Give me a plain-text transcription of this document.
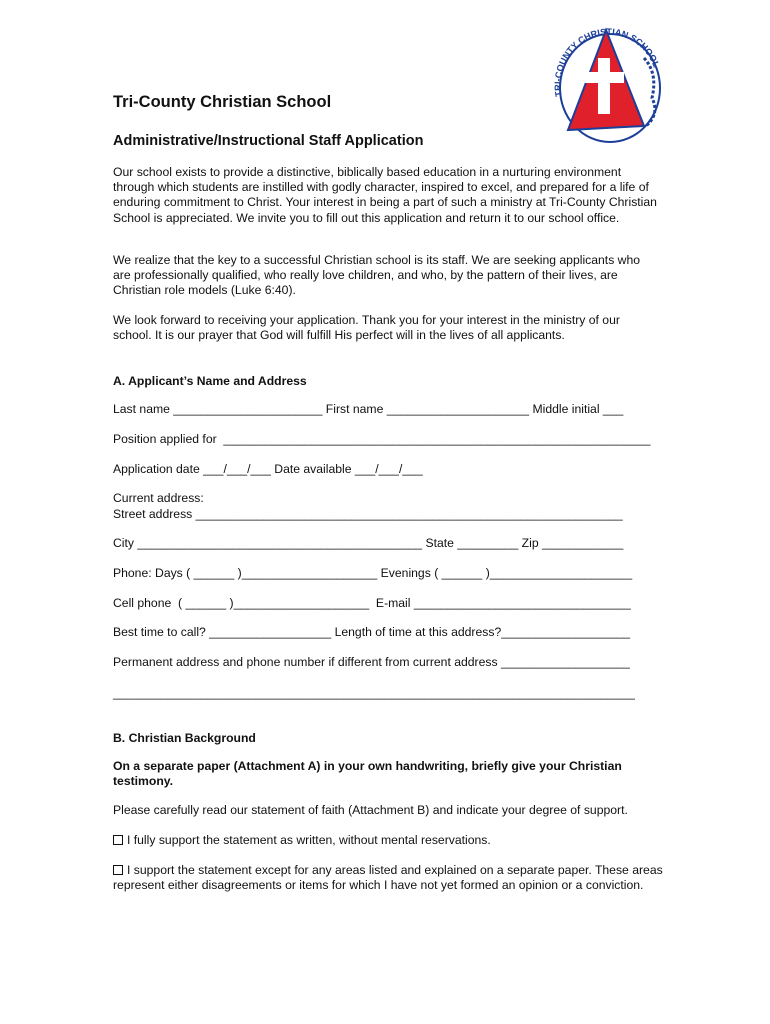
TRI-COUNTY CHRISTIAN SCHOOL
Tri-County Christian School
Administrative/Instructional Staff Application
Our school exists to provide a distinctive, biblically based education in a nurturing environment through which students are instilled with godly character, inspired to excel, and prepared for a life of enduring commitment to Christ. Your interest in being a part of such a ministry at Tri-County Christian School is appreciated. We invite you to fill out this application and return it to our school office.
We realize that the key to a successful Christian school is its staff. We are seeking applicants who are professionally qualified, who really love children, and who, by the pattern of their lives, are Christian role models (Luke 6:40).
We look forward to receiving your application. Thank you for your interest in the ministry of our school. It is our prayer that God will fulfill His perfect will in the lives of all applicants.
A. Applicant’s Name and Address
Last name ______________________ First name _____________________ Middle initial ___
Position applied for  _______________________________________________________________
Application date ___/___/___ Date available ___/___/___
Current address:
Street address _______________________________________________________________
City __________________________________________ State _________ Zip ____________
Phone: Days ( ______ )____________________ Evenings ( ______ )_____________________
Cell phone  ( ______ )____________________  E-mail ________________________________
Best time to call? __________________ Length of time at this address?___________________
Permanent address and phone number if different from current address ___________________
_____________________________________________________________________________
B. Christian Background
On a separate paper (Attachment A) in your own handwriting, briefly give your Christian testimony.
Please carefully read our statement of faith (Attachment B) and indicate your degree of support.
I fully support the statement as written, without mental reservations.
I support the statement except for any areas listed and explained on a separate paper. These areas represent either disagreements or items for which I have not yet formed an opinion or a conviction.
